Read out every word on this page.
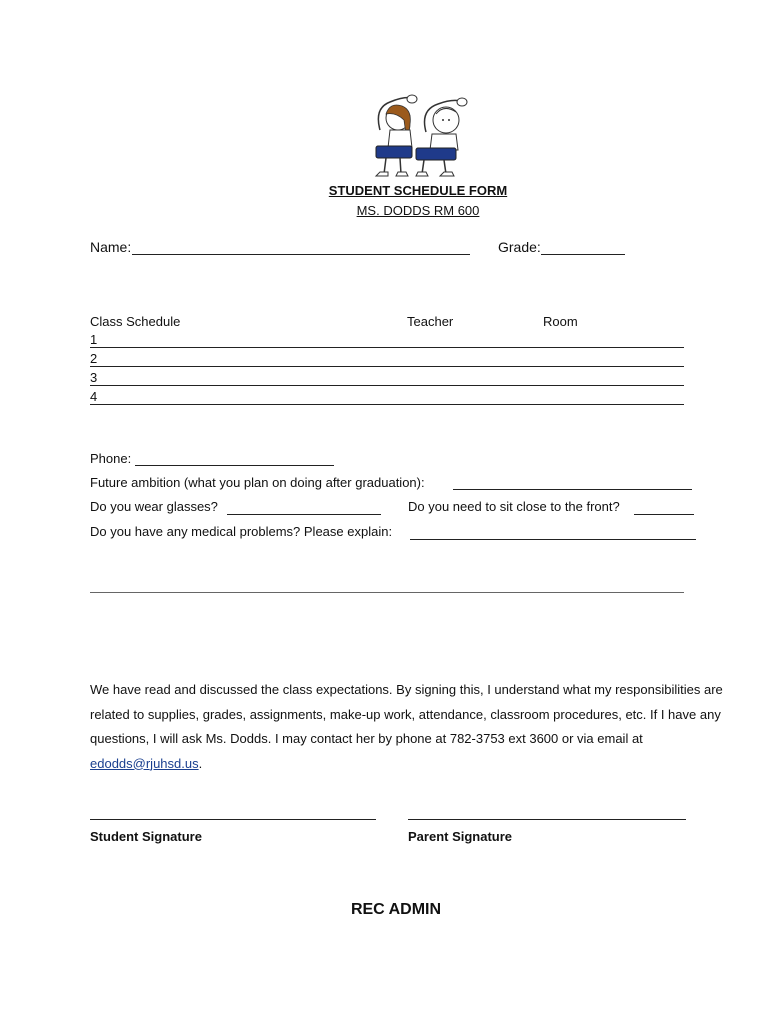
STUDENT SCHEDULE FORM
MS. DODDS RM 600
Name:	Grade:
Class Schedule	Teacher	Room
1
2
3
4
Phone:
Future ambition (what you plan on doing after graduation):
Do you wear glasses?	Do you need to sit close to the front?
Do you have any medical problems? Please explain:
We have read and discussed the class expectations. By signing this, I understand what my responsibilities are related to supplies, grades, assignments, make-up work, attendance, classroom procedures, etc. If I have any questions, I will ask Ms. Dodds. I may contact her by phone at 782-3753 ext 3600 or via email at edodds@rjuhsd.us.
Student Signature	Parent Signature
REC ADMIN
